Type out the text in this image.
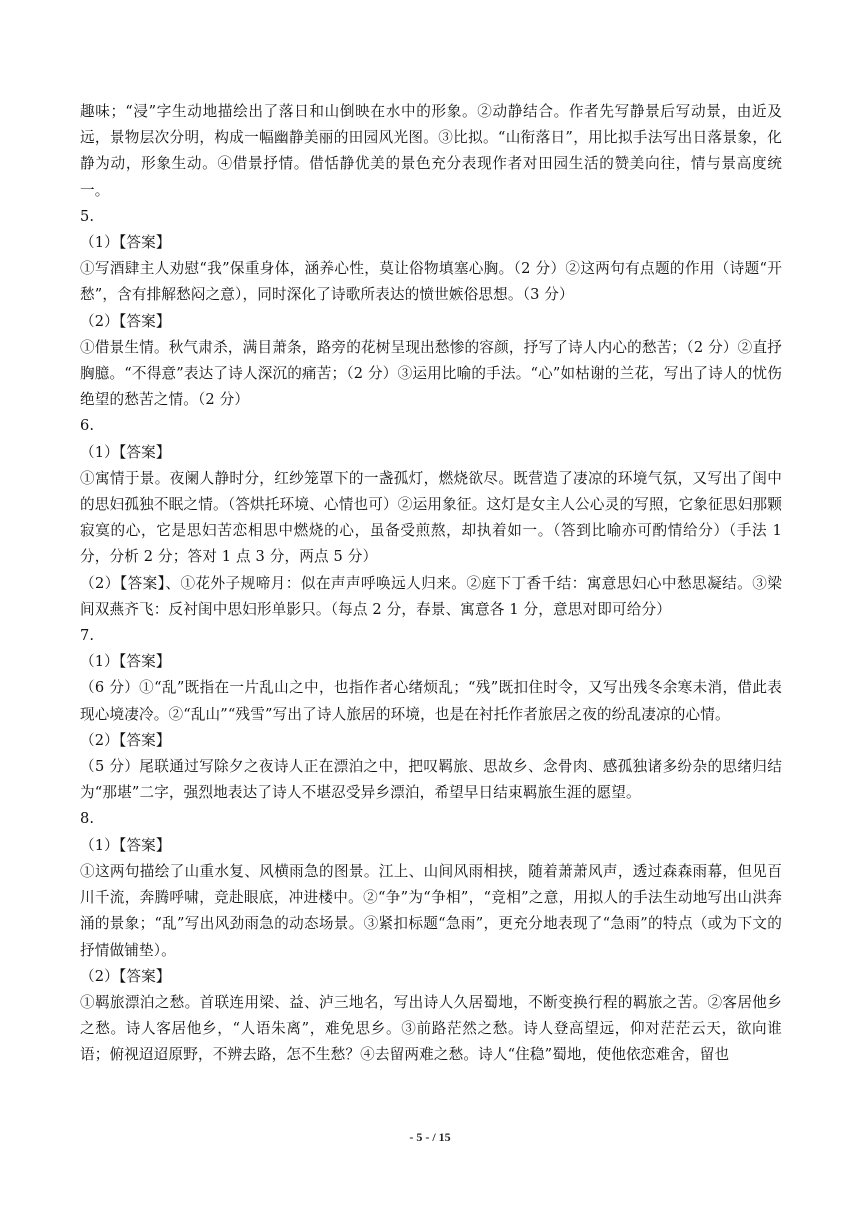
趣味；“浸”字生动地描绘出了落日和山倒映在水中的形象。②动静结合。作者先写静景后写动景，由近及远，景物层次分明，构成一幅幽静美丽的田园风光图。③比拟。“山衔落日”，用比拟手法写出日落景象，化静为动，形象生动。④借景抒情。借恬静优美的景色充分表现作者对田园生活的赞美向往，情与景高度统一。

5.

（1）【答案】

①写酒肆主人劝慰“我”保重身体，涵养心性，莫让俗物填塞心胸。（2 分）②这两句有点题的作用（诗题“开愁”，含有排解愁闷之意），同时深化了诗歌所表达的愤世嫉俗思想。（3 分）

（2）【答案】

①借景生情。秋气肃杀，满目萧条，路旁的花树呈现出愁惨的容颜，抒写了诗人内心的愁苦；（2 分）②直抒胸臆。“不得意”表达了诗人深沉的痛苦；（2 分）③运用比喻的手法。“心”如枯谢的兰花，写出了诗人的忧伤绝望的愁苦之情。（2 分）

6.

（1）【答案】

①寓情于景。夜阑人静时分，红纱笼罩下的一盏孤灯，燃烧欲尽。既营造了凄凉的环境气氛，又写出了闺中的思妇孤独不眠之情。（答烘托环境、心情也可）②运用象征。这灯是女主人公心灵的写照，它象征思妇那颗寂寞的心，它是思妇苦恋相思中燃烧的心，虽备受煎熬，却执着如一。（答到比喻亦可酌情给分）（手法 1 分，分析 2 分；答对 1 点 3 分，两点 5 分）

（2）【答案】、①花外子规啼月：似在声声呼唤远人归来。②庭下丁香千结：寓意思妇心中愁思凝结。③梁间双燕齐飞：反衬闺中思妇形单影只。（每点 2 分，春景、寓意各 1 分，意思对即可给分）

7.

（1）【答案】

（6 分）①“乱”既指在一片乱山之中，也指作者心绪烦乱；“残”既扣住时令，又写出残冬余寒未消，借此表现心境凄冷。②“乱山”“残雪”写出了诗人旅居的环境，也是在衬托作者旅居之夜的纷乱凄凉的心情。

（2）【答案】

（5 分）尾联通过写除夕之夜诗人正在漂泊之中，把叹羁旅、思故乡、念骨肉、感孤独诸多纷杂的思绪归结为“那堪”二字，强烈地表达了诗人不堪忍受异乡漂泊，希望早日结束羁旅生涯的愿望。

8.

（1）【答案】

①这两句描绘了山重水复、风横雨急的图景。江上、山间风雨相挟，随着萧萧风声，透过森森雨幕，但见百川千流，奔腾呼啸，竞赴眼底，冲进楼中。②“争”为“争相”，“竞相”之意，用拟人的手法生动地写出山洪奔涌的景象；“乱”写出风劲雨急的动态场景。③紧扣标题“急雨”，更充分地表现了“急雨”的特点（或为下文的抒情做铺垫）。

（2）【答案】

①羁旅漂泊之愁。首联连用梁、益、泸三地名，写出诗人久居蜀地，不断变换行程的羁旅之苦。②客居他乡之愁。诗人客居他乡，“人语朱离”，难免思乡。③前路茫然之愁。诗人登高望远，仰对茫茫云天，欲向谁语；俯视迢迢原野，不辨去路，怎不生愁？④去留两难之愁。诗人“住稳”蜀地，使他依恋难舍，留也

- 5 - / 15
